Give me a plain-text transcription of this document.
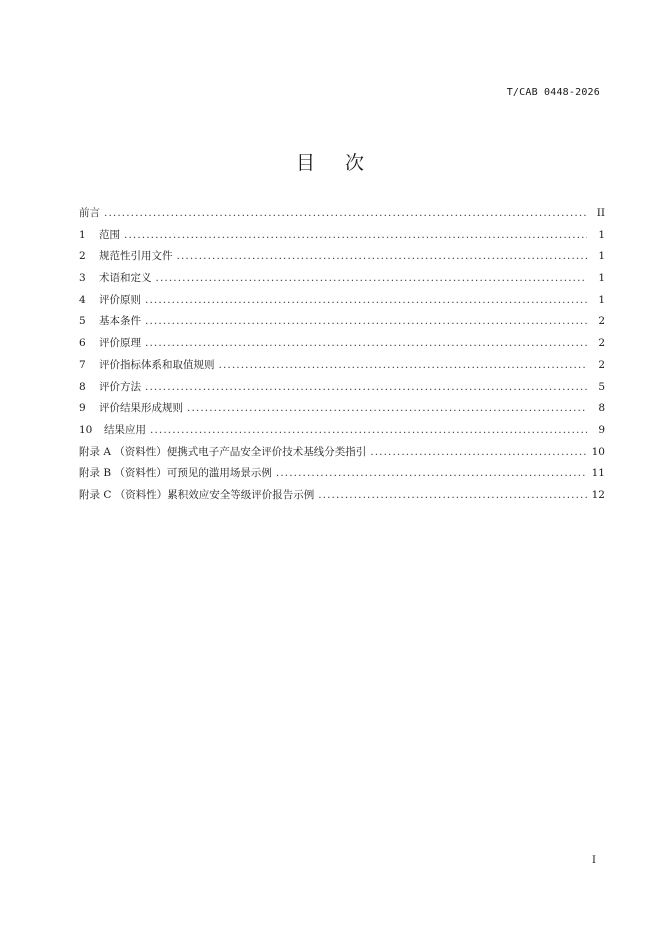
T/CAB 0448-2026
目 次
前言 .....	II
1	范围 .....	1
2	规范性引用文件 .....	1
3	术语和定义 .....	1
4	评价原则 .....	1
5	基本条件 .....	2
6	评价原理 .....	2
7	评价指标体系和取值规则 .....	2
8	评价方法 .....	5
9	评价结果形成规则 .....	8
10	结果应用 .....	9
附录 A （资料性）便携式电子产品安全评价技术基线分类指引 .....	10
附录 B （资料性）可预见的滥用场景示例 .....	11
附录 C （资料性）累积效应安全等级评价报告示例 .....	12
I
